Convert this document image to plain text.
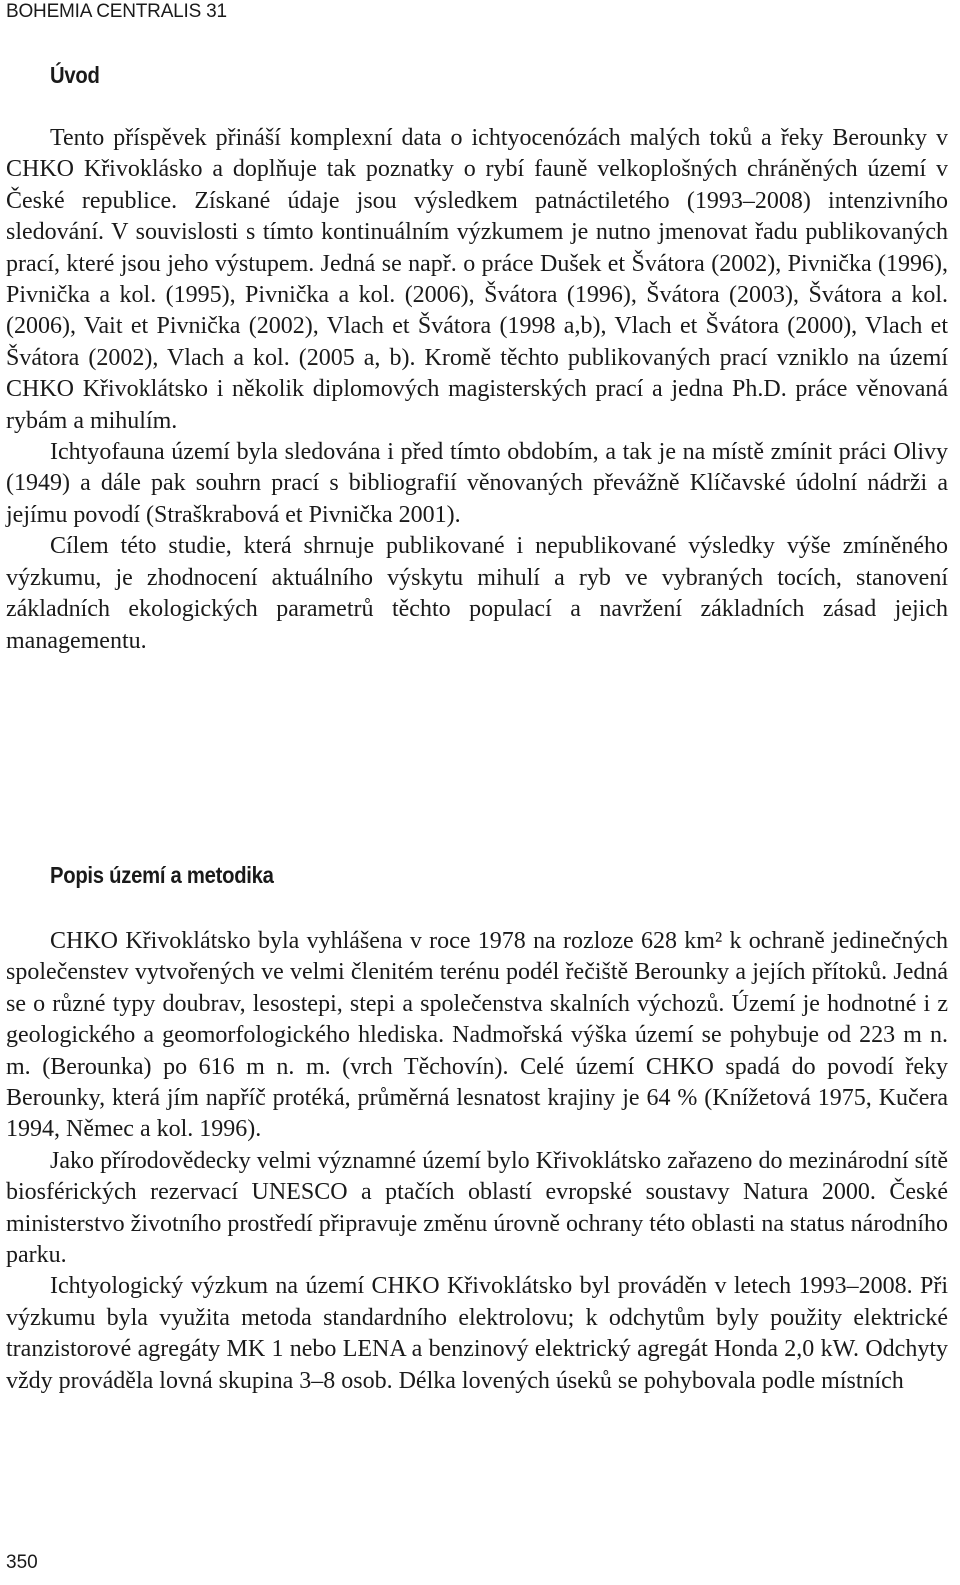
BOHEMIA CENTRALIS 31
Úvod

Tento příspěvek přináší komplexní data o ichtyocenózách malých toků a řeky Berounky v CHKO Křivoklásko a doplňuje tak poznatky o rybí fauně velkoplošných chráněných území v České republice. Získané údaje jsou výsledkem patnáctiletého (1993–2008) intenzivního sledování. V souvislosti s tímto kontinuálním výzkumem je nutno jmenovat řadu publikovaných prací, které jsou jeho výstupem. Jedná se např. o práce Dušek et Švátora (2002), Pivnička (1996), Pivnička a kol. (1995), Pivnička a kol. (2006), Švátora (1996), Švátora (2003), Švátora a kol. (2006), Vait et Pivnička (2002), Vlach et Švátora (1998 a,b), Vlach et Švátora (2000), Vlach et Švátora (2002), Vlach a kol. (2005 a, b). Kromě těchto publikovaných prací vzniklo na území CHKO Křivoklátsko i několik diplomových magisterských prací a jedna Ph.D. práce věnovaná rybám a mihulím.

Ichtyofauna území byla sledována i před tímto obdobím, a tak je na místě zmínit práci Olivy (1949) a dále pak souhrn prací s bibliografií věnovaných převážně Klíčavské údolní nádrži a jejímu povodí (Straškrabová et Pivnička 2001).

Cílem této studie, která shrnuje publikované i nepublikované výsledky výše zmíněného výzkumu, je zhodnocení aktuálního výskytu mihulí a ryb ve vybraných tocích, stanovení základních ekologických parametrů těchto populací a navržení základních zásad jejich managementu.

Popis území a metodika

CHKO Křivoklátsko byla vyhlášena v roce 1978 na rozloze 628 km² k ochraně jedinečných společenstev vytvořených ve velmi členitém terénu podél řečiště Berounky a jejích přítoků. Jedná se o různé typy doubrav, lesostepi, stepi a společenstva skalních výchozů. Území je hodnotné i z geologického a geomorfologického hlediska. Nadmořská výška území se pohybuje od 223 m n. m. (Berounka) po 616 m n. m. (vrch Těchovín). Celé území CHKO spadá do povodí řeky Berounky, která jím napříč protéká, průměrná lesnatost krajiny je 64 % (Knížetová 1975, Kučera 1994, Němec a kol. 1996).

Jako přírodovědecky velmi významné území bylo Křivoklátsko zařazeno do mezinárodní sítě biosférických rezervací UNESCO a ptačích oblastí evropské soustavy Natura 2000. České ministerstvo životního prostředí připravuje změnu úrovně ochrany této oblasti na status národního parku.

Ichtyologický výzkum na území CHKO Křivoklátsko byl prováděn v letech 1993–2008. Při výzkumu byla využita metoda standardního elektrolovu; k odchytům byly použity elektrické tranzistorové agregáty MK 1 nebo LENA a benzinový elektrický agregát Honda 2,0 kW. Odchyty vždy prováděla lovná skupina 3–8 osob. Délka lovených úseků se pohybovala podle místních

350
